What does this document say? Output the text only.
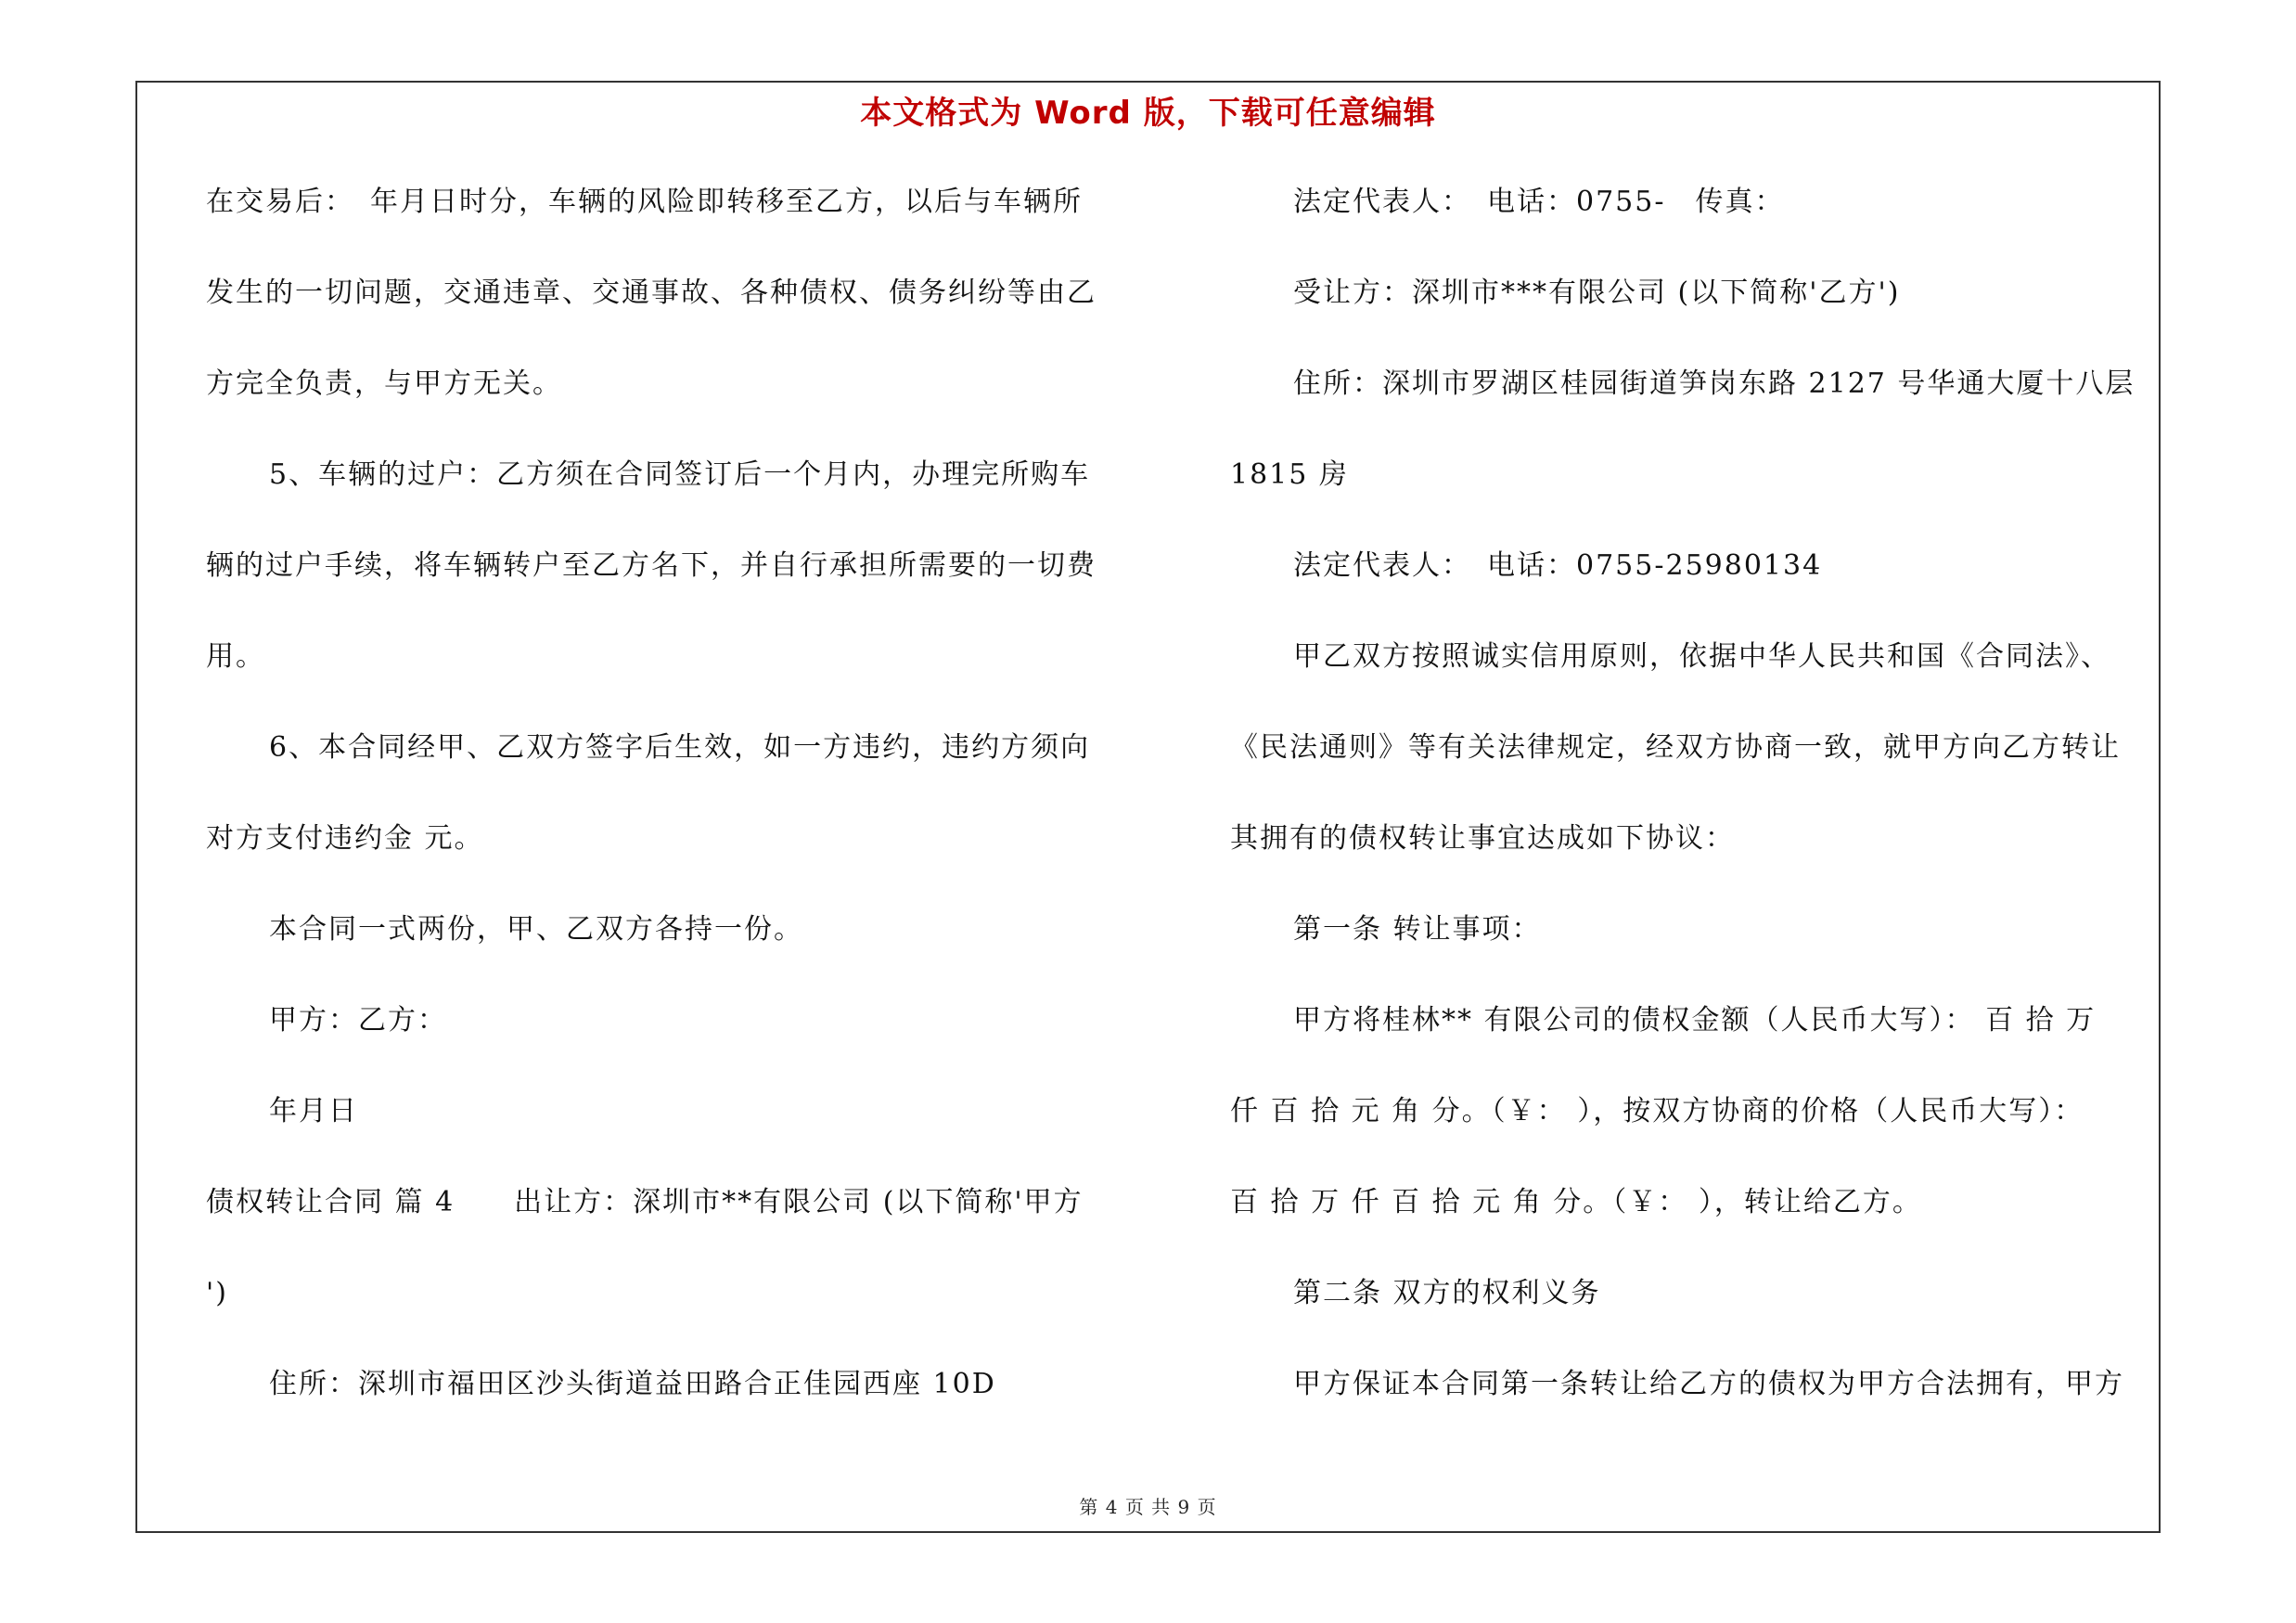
本文格式为 Word 版，下载可任意编辑
在交易后：　年月日时分，车辆的风险即转移至乙方，以后与车辆所
发生的一切问题，交通违章、交通事故、各种债权、债务纠纷等由乙
方完全负责，与甲方无关。
5、车辆的过户：乙方须在合同签订后一个月内，办理完所购车
辆的过户手续，将车辆转户至乙方名下，并自行承担所需要的一切费
用。
6、本合同经甲、乙双方签字后生效，如一方违约，违约方须向
对方支付违约金 元。
本合同一式两份，甲、乙双方各持一份。
甲方：乙方：
年月日
债权转让合同 篇 4　　出让方：深圳市**有限公司 (以下简称'甲方
')
住所：深圳市福田区沙头街道益田路合正佳园西座 10D
法定代表人：　电话：0755-　传真：
受让方：深圳市***有限公司 (以下简称'乙方')
住所：深圳市罗湖区桂园街道笋岗东路 2127 号华通大厦十八层
1815 房
法定代表人：　电话：0755-25980134
甲乙双方按照诚实信用原则，依据中华人民共和国《合同法》、
《民法通则》等有关法律规定，经双方协商一致，就甲方向乙方转让
其拥有的债权转让事宜达成如下协议：
第一条 转让事项：
甲方将桂林** 有限公司的债权金额（人民币大写）： 百 拾 万
仟 百 拾 元 角 分。（￥： ），按双方协商的价格（人民币大写）：
百 拾 万 仟 百 拾 元 角 分。（￥： ），转让给乙方。
第二条 双方的权利义务
甲方保证本合同第一条转让给乙方的债权为甲方合法拥有，甲方
第 4 页 共 9 页
